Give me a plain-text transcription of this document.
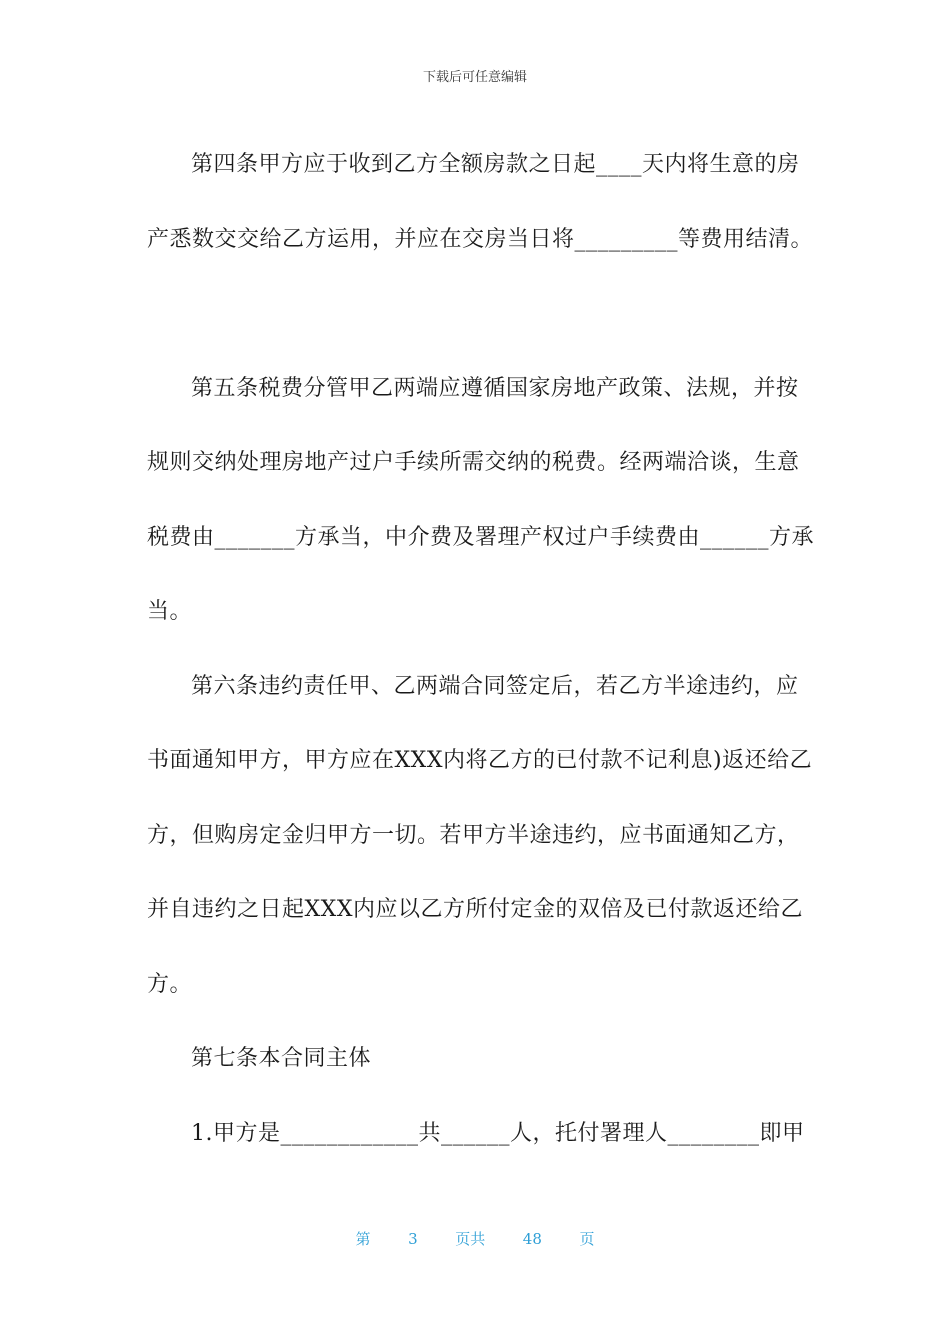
下载后可任意编辑

第四条甲方应于收到乙方全额房款之日起____天内将生意的房

产悉数交交给乙方运用，并应在交房当日将_________等费用结清。

第五条税费分管甲乙两端应遵循国家房地产政策、法规，并按

规则交纳处理房地产过户手续所需交纳的税费。经两端洽谈，生意

税费由_______方承当，中介费及署理产权过户手续费由______方承

当。

第六条违约责任甲、乙两端合同签定后，若乙方半途违约，应

书面通知甲方，甲方应在XXX内将乙方的已付款不记利息)返还给乙

方，但购房定金归甲方一切。若甲方半途违约，应书面通知乙方，

并自违约之日起XXX内应以乙方所付定金的双倍及已付款返还给乙

方。

第七条本合同主体

1.甲方是____________共______人，托付署理人________即甲

第	3	页共	48	页
